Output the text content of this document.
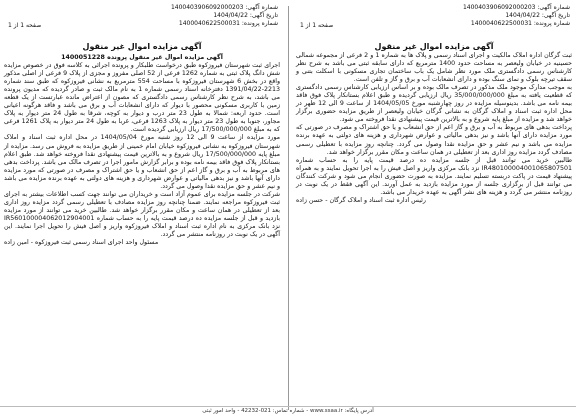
شماره آگهی: 1400403906092000203
تاریخ آگهی: 1404/04/22
شماره پرونده: 1400040622500031
صفحه 1 از 1
آگهی مزایده اموال غیر منقول

آگهی مزایده اموال غیر منقول پرونده 1400051228

اجرای ثبت شهرستان فیروزکوه طبق درخواست طلبکار و پرونده اجرائی به کلاسه فوق در خصوص مزایده شش دانگ پلاک ثبتی به شماره 1262 فرعی از 52 اصلی مفروز و مجزی از پلاک 9 فرعی از اصلی مذکور واقع در بخش 6 شهرستان فیروزکوه با مساحت 554 مترمربع به نشانی فیروزکوه که طبق سند شماره 2213-1391/04/22 دفترخانه اسناد رسمی شماره 1 به نام مالک ثبت و صادر گردیده که مدیون پرونده می باشد، به شرح نظر کارشناس رسمی دادگستری که مصون از اعتراض مانده عبارتست از یک قطعه زمین با کاربری مسکونی محصور با دیوار که دارای انشعابات آب و برق می باشد و فاقد هرگونه اعیانی است. حدود اربعه: شمالا به طول 23 متر درب و دیوار به کوچه، شرقا به طول 24 متر دیوار به پلاک مجاور، جنوبا به طول 23 متر دیوار به پلاک 1263 فرعی، غربا به طول 24 متر دیوار به پلاک 1261 فرعی که به مبلغ 17/500/000/000 ریال ارزیابی گردیده است.

مورد مزایده از ساعت 9 الی 12 روز شنبه مورخ 1404/05/04 در محل اداره ثبت اسناد و املاک شهرستان فیروزکوه به نشانی فیروزکوه خیابان امام خمینی از طریق مزایده به فروش می رسد. مزایده از مبلغ پایه 17/500/000/000 ریال شروع و به بالاترین قیمت پیشنهادی نقدا فروخته خواهد شد. طبق اعلام بستانکار پلاک فوق فاقد بیمه نامه بوده و برابر گزارش مامور اجرا در تصرف مالک می باشد. پرداخت بدهی های مربوط به آب و برق و گاز اعم از حق انشعاب و یا حق اشتراک و مصرف در صورتی که مورد مزایده دارای آنها باشد و نیز بدهی مالیاتی و عوارض شهرداری و هزینه های دولتی به عهده برنده مزایده می باشد و نیم عشر و حق مزایده نقدا وصول می گردد.

شرکت در جلسه مزایده برای عموم آزاد است و خریداران می توانند جهت کسب اطلاعات بیشتر به اجرای ثبت فیروزکوه مراجعه نمایند. ضمنا چنانچه روز مزایده مصادف با تعطیلی رسمی گردد مزایده روز اداری بعد از تعطیلی در همان ساعت و مکان مقرر برگزار خواهد شد. طالبین خرید می توانند از مورد مزایده بازدید و قبل از جلسه مزایده ده درصد قیمت پایه را به حساب شماره IR560100004062012904001 نزد بانک مرکزی به نام اداره ثبت اسناد و املاک فیروزکوه واریز و اصل فیش را تحویل اجرا نمایند. این آگهی در یک نوبت در روزنامه منتشر می گردد.

مسئول واحد اجرای اسناد رسمی ثبت فیروزکوه - امین زاده

شماره آگهی: 1400403906092000203
تاریخ آگهی: 1404/04/22
شماره پرونده: 1400040622500031
صفحه 1 از 1
آگهی مزایده اموال غیر منقول

ثبت گرگان اداره املاک مالکیت و اجرای اسناد رسمی و پلاک ها به شماره 1 و 2 فرعی از مجموعه شمالی حسینیه در خیابان ولیعصر به مساحت حدود 1400 مترمربع که دارای سابقه ثبتی می باشد به شرح نظر کارشناس رسمی دادگستری ملک مورد نظر شامل یک باب ساختمان تجاری مسکونی با اسکلت بتنی و سقف تیرچه بلوک و نمای سنگ بوده و دارای انشعابات آب و برق و گاز و تلفن است.

به موجب مدارک موجود ملک مذکور در تصرف مالک بوده و بر اساس ارزیابی کارشناس رسمی دادگستری که قطعیت یافته به مبلغ 35/000/000/000 ریال ارزیابی گردیده و طبق اعلام بستانکار پلاک فوق فاقد بیمه نامه می باشد. بدینوسیله مزایده در روز چهارشنبه مورخ 1404/05/05 از ساعت 9 الی 12 ظهر در محل اداره ثبت اسناد و املاک گرگان به نشانی گرگان خیابان ولیعصر از طریق مزایده حضوری برگزار خواهد شد و مزایده از مبلغ پایه شروع و به بالاترین قیمت پیشنهادی نقدا فروخته می شود.

پرداخت بدهی های مربوط به آب و برق و گاز اعم از حق انشعاب و یا حق اشتراک و مصرف در صورتی که مورد مزایده دارای آنها باشد و نیز بدهی مالیاتی و عوارض شهرداری و هزینه های دولتی به عهده برنده مزایده می باشد و نیم عشر و حق مزایده نقدا وصول می گردد. چنانچه روز مزایده با تعطیلی رسمی مصادف گردد مزایده روز اداری بعد از تعطیلی در همان ساعت و مکان مقرر برگزار خواهد شد.

طالبین خرید می توانند قبل از جلسه مزایده ده درصد قیمت پایه را به حساب شماره IR480100004001065807501 نزد بانک مرکزی واریز و اصل فیش را به اجرا تحویل نمایند و به همراه پیشنهاد قیمت در پاکت دربسته تسلیم نمایند. مزایده به صورت حضوری انجام می شود و شرکت کنندگان می توانند قبل از برگزاری جلسه از مورد مزایده بازدید به عمل آورند. این آگهی فقط در یک نوبت در روزنامه منتشر می گردد و هزینه های نشر آگهی به عهده خریدار می باشد.

رئیس اداره ثبت اسناد و املاک گرگان - حسن زاده

آدرس پایگاه: www.ssaa.ir - شماره تماس: 021-42232 - واحد امور ثبتی
